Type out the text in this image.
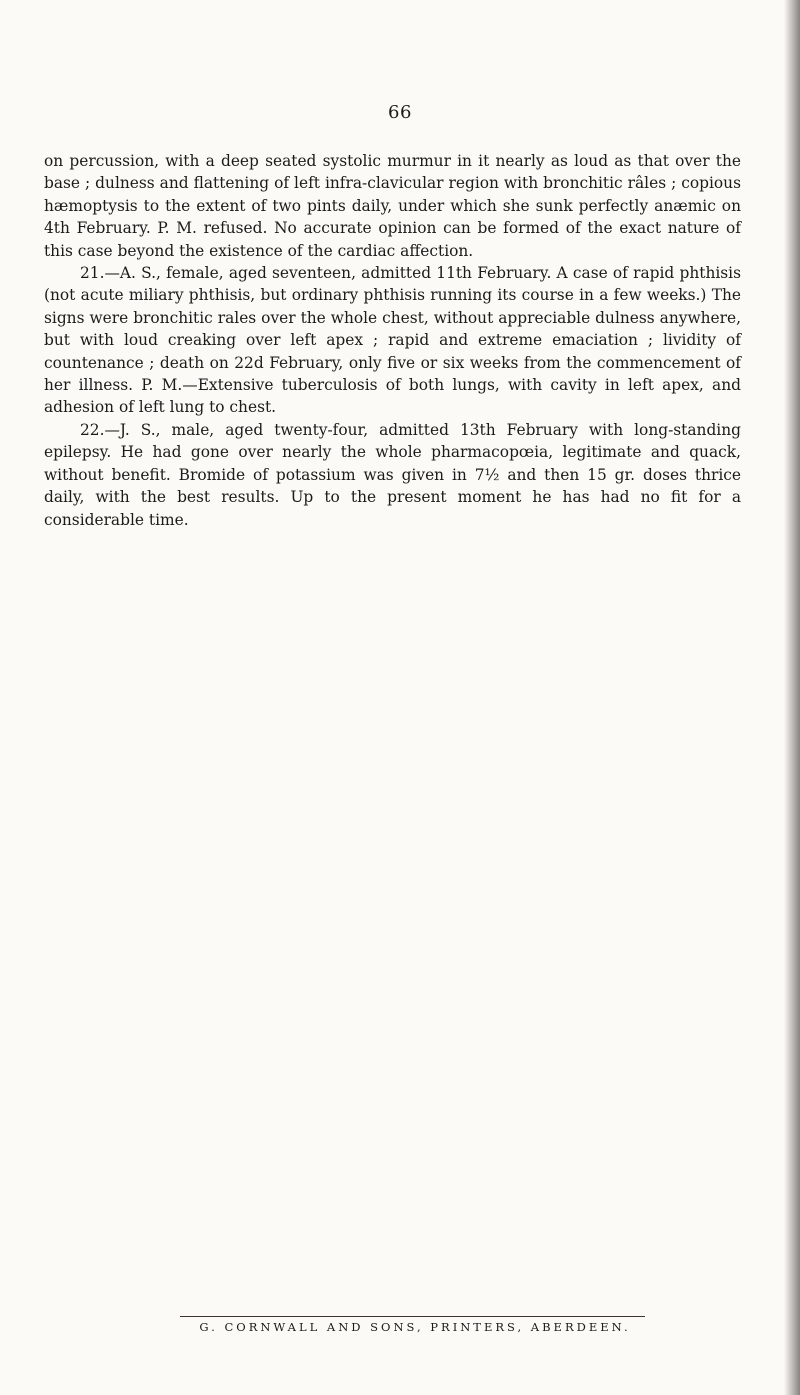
66

on percussion, with a deep seated systolic murmur in it nearly as loud as that over the base ; dulness and flattening of left infra-clavicular region with bronchitic râles ; copious hæmoptysis to the extent of two pints daily, under which she sunk perfectly anæmic on 4th February. P. M. refused. No accurate opinion can be formed of the exact nature of this case beyond the existence of the cardiac affection.

21.—A. S., female, aged seventeen, admitted 11th February. A case of rapid phthisis (not acute miliary phthisis, but ordinary phthisis running its course in a few weeks.) The signs were bronchitic rales over the whole chest, without appreciable dulness anywhere, but with loud creaking over left apex ; rapid and extreme emaciation ; lividity of countenance ; death on 22d February, only five or six weeks from the commencement of her illness. P. M.—Extensive tuberculosis of both lungs, with cavity in left apex, and adhesion of left lung to chest.

22.—J. S., male, aged twenty-four, admitted 13th February with long-standing epilepsy. He had gone over nearly the whole pharmacopœia, legitimate and quack, without benefit. Bromide of potassium was given in 7½ and then 15 gr. doses thrice daily, with the best results. Up to the present moment he has had no fit for a considerable time.

G. CORNWALL AND SONS, PRINTERS, ABERDEEN.
